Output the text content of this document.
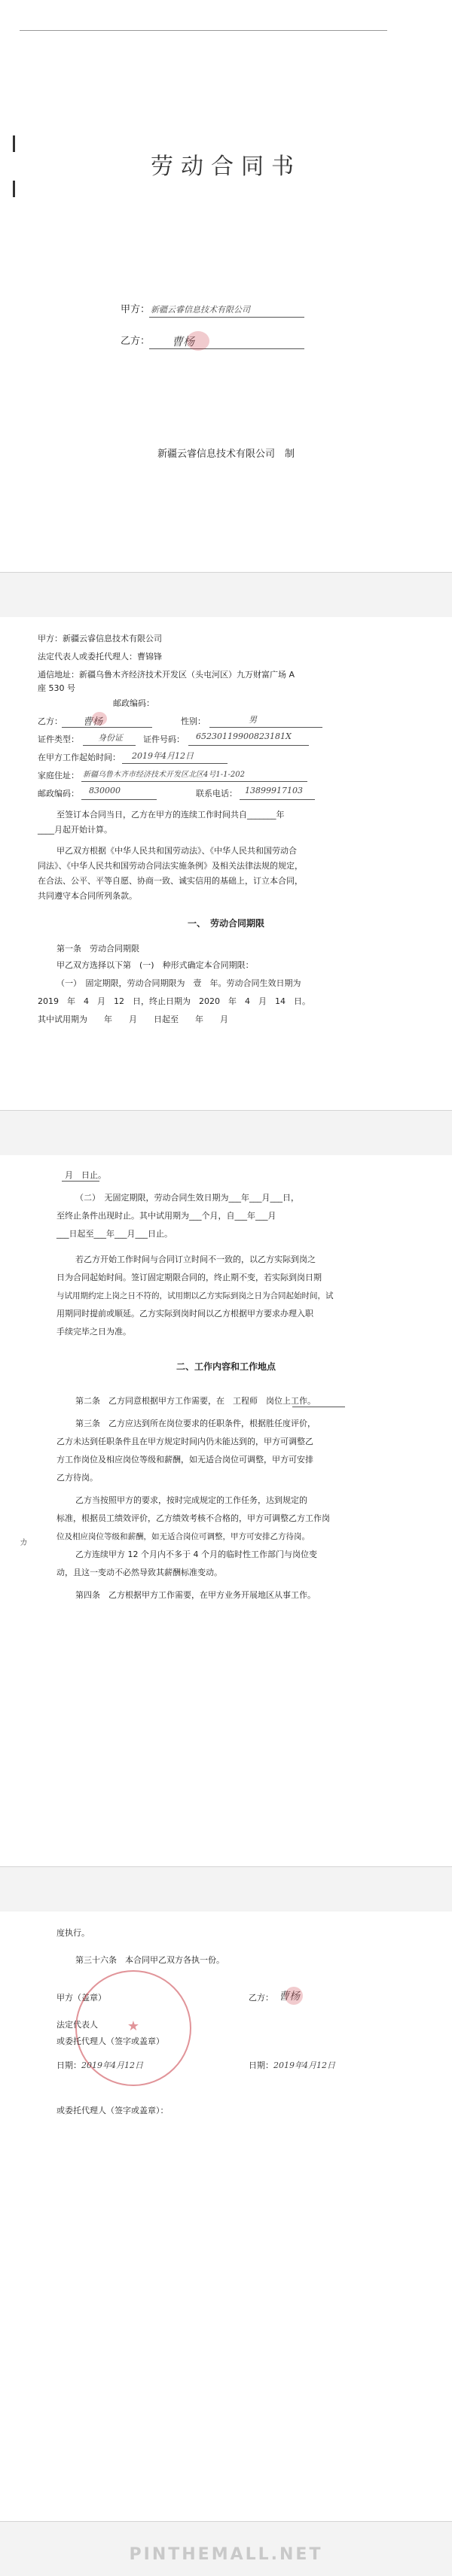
劳动合同书
甲方： 新疆云睿信息技术有限公司
乙方： 曹杨
新疆云睿信息技术有限公司　制
甲方：新疆云睿信息技术有限公司
法定代表人或委托代理人：曹锦锋
通信地址：新疆乌鲁木齐经济技术开发区（头屯河区）九万财富广场 A
座 530 号
邮政编码：
乙方： 曹杨	性别：	男
证件类型： 身份证 证件号码： 65230119900823181X
在甲方工作起始时间： 2019年4月12日
家庭住址： 新疆乌鲁木齐市经济技术开发区北区4号1-1-202
邮政编码： 830000	联系电话： 13899917103
至签订本合同当日，乙方在甲方的连续工作时间共自_______年
____月起开始计算。
甲乙双方根据《中华人民共和国劳动法》、《中华人民共和国劳动合
同法》、《中华人民共和国劳动合同法实施条例》及相关法律法规的规定，
在合法、公平、平等自愿、协商一致、诚实信用的基础上，订立本合同，
共同遵守本合同所列条款。
一、　劳动合同期限
第一条　劳动合同期限
甲乙双方选择以下第　(一)　种形式确定本合同期限：
（一）　固定期限，劳动合同期限为　壹　年。劳动合同生效日期为
2019　年　4　月　12　日，终止日期为　2020　年　4　月　14　日。
其中试用期为　　年　　月　　日起至　　年　　月
　月　日止。
（二）　无固定期限，劳动合同生效日期为___年___月___日，
至终止条件出现时止。其中试用期为___个月，自___年___月
___日起至___年___月___日止。
若乙方开始工作时间与合同订立时间不一致的，以乙方实际到岗之
日为合同起始时间。签订固定期限合同的，终止期不变，若实际到岗日期
与试用期约定上岗之日不符的，试用期以乙方实际到岗之日为合同起始时间，试
用期同时提前或顺延。乙方实际到岗时间以乙方根据甲方要求办理入职
手续完毕之日为准。
二、工作内容和工作地点
第二条　乙方同意根据甲方工作需要，在　工程师　岗位上工作。
第三条　乙方应达到所在岗位要求的任职条件，根据胜任度评价，
乙方未达到任职条件且在甲方规定时间内仍未能达到的，甲方可调整乙
方工作岗位及相应岗位等级和薪酬，如无适合岗位可调整，甲方可安排
乙方待岗。
乙方当按照甲方的要求，按时完成规定的工作任务，达到规定的
标准，根据员工绩效评价，乙方绩效考核不合格的，甲方可调整乙方工作岗
位及相应岗位等级和薪酬，如无适合岗位可调整，甲方可安排乙方待岗。
乙方连续甲方 12 个月内不多于 4 个月的临时性工作部门与岗位变
动，且这一变动不必然导致其薪酬标准变动。
第四条　乙方根据甲方工作需要，在甲方业务开展地区从事工作。
カ
度执行。
第三十六条　本合同甲乙双方各执一份。
甲方（盖章）
★
乙方： 曹杨
法定代表人
或委托代理人（签字或盖章）
日期：2019年4月12日	日期：2019年4月12日
或委托代理人（签字或盖章）：
PINTHEMALL.NET
